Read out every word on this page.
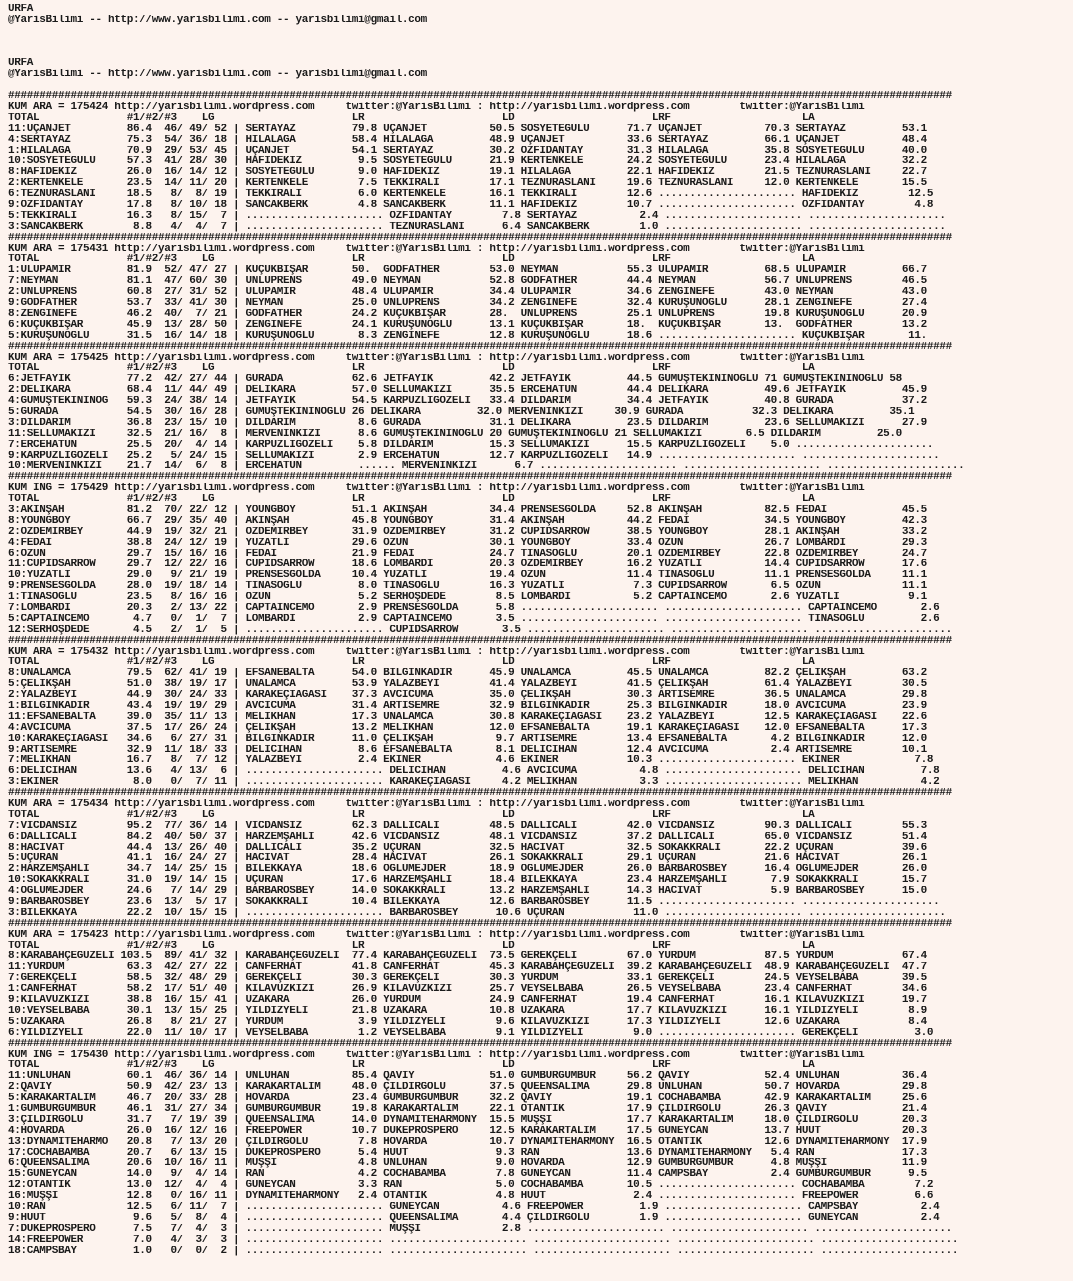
URFA
@YarisBilimi -- http://www.yarisbilimi.com -- yarisbilimi@gmail.com

URFA
@YarisBilimi -- http://www.yarisbilimi.com -- yarisbilimi@gmail.com

#######################################################################################################################################################
KUM ARA = 175424 http://yarisbilimi.wordpress.com     twitter:@YarisBilimi : http://yarisbilimi.wordpress.com        twitter:@YarisBilimi
TOTAL              #1/#2/#3    LG                      LR                      LD                      LRF                     LA
11:UÇANJET         86.4  46/ 49/ 52 | SERTAYAZ         79.8 UÇANJET          50.5 SOSYETEGÜLÜ      71.7 UÇANJET          70.3 SERTAYAZ         53.1
4:SERTAYAZ         75.3  54/ 36/ 18 | HILALAGA         58.4 HILALAGA         48.9 UÇANJET          33.6 SERTAYAZ         66.1 UÇANJET          48.4
1:HILALAGA         70.9  29/ 53/ 45 | UÇANJET          54.1 SERTAYAZ         30.2 ÖZFİDANTAY       31.3 HILALAGA         35.8 SOSYETEGÜLÜ      40.0
10:SOSYETEGÜLÜ     57.3  41/ 28/ 30 | HAFİDEKIZ         9.5 SOSYETEGÜLÜ      21.9 KERTENKELE       24.2 SOSYETEGÜLÜ      23.4 HILALAGA         32.2
8:HAFİDEKIZ        26.0  16/ 14/ 12 | SOSYETEGÜLÜ       9.0 HAFİDEKIZ        19.1 HILALAGA         22.1 HAFİDEKIZ        21.5 TEZNURASLANI     22.7
2:KERTENKELE       23.5  14/ 11/ 20 | KERTENKELE        7.5 TEKKIRALI        17.1 TEZNURASLANI     19.6 TEZNURASLANI     12.0 KERTENKELE       15.5
6:TEZNURASLANI     18.5   8/  8/ 19 | TEKKIRALI         6.0 KERTENKELE       16.1 TEKKIRALI        12.6 ...................... HAFİDEKIZ        12.5
9:ÖZFİDANTAY       17.8   8/ 10/ 18 | SANCAKBERK        4.8 SANCAKBERK       11.1 HAFİDEKIZ        10.7 ...................... ÖZFİDANTAY        4.8
5:TEKKIRALI        16.3   8/ 15/  7 | ...................... ÖZFİDANTAY        7.8 SERTAYAZ          2.4 ...................... ......................
3:SANCAKBERK        8.8   4/  4/  7 | ...................... TEZNURASLANI      6.4 SANCAKBERK        1.0 ...................... ......................
#######################################################################################################################################################
KUM ARA = 175431 http://yarisbilimi.wordpress.com     twitter:@YarisBilimi : http://yarisbilimi.wordpress.com        twitter:@YarisBilimi
TOTAL              #1/#2/#3    LG                      LR                      LD                      LRF                     LA
1:ULUPAMİR         81.9  52/ 47/ 27 | KUÇUKBİŞAR       50.  GODFATHER        53.0 NEYMAN           55.3 ULUPAMİR         68.5 ULUPAMİR         66.7
7:NEYMAN           81.1  47/ 60/ 30 | ÜNLÜPRENS        49.0 NEYMAN           52.8 GODFATHER        44.4 NEYMAN           56.7 ÜNLÜPRENS        46.5
2:ÜNLÜPRENS        60.8  27/ 31/ 52 | ULUPAMİR         48.4 ULUPAMİR         34.4 ULUPAMİR         34.6 ZENGİNEFE        43.0 NEYMAN           43.0
9:GODFATHER        53.7  33/ 41/ 30 | NEYMAN           25.0 ÜNLÜPRENS        34.2 ZENGİNEFE        32.4 KURUŞUNOĞLU      28.1 ZENGİNEFE        27.4
8:ZENGİNEFE        46.2  40/  7/ 21 | GODFATHER        24.2 KUÇUKBİŞAR       28.  ÜNLÜPRENS        25.1 ÜNLÜPRENS        19.8 KURUŞUNOĞLU      20.9
6:KUÇUKBİŞAR       45.9  13/ 28/ 50 | ZENGİNEFE        24.1 KURUŞUNOĞLU      13.1 KUÇUKBİŞAR       18.  KUÇUKBİŞAR       13.  GODFATHER        13.2
5:KURUŞUNOĞLU      31.5  16/ 14/ 18 | KURUŞUNOĞLU       8.3 ZENGİNEFE        12.8 KURUŞUNOĞLU      18.6 ...................... KUÇUKBİŞAR       11.
#######################################################################################################################################################
KUM ARA = 175425 http://yarisbilimi.wordpress.com     twitter:@YarisBilimi : http://yarisbilimi.wordpress.com        twitter:@YarisBilimi
TOTAL              #1/#2/#3    LG                      LR                      LD                      LRF                     LA
6:JETFAYİK         77.2  42/ 27/ 44 | GURADA           62.6 JETFAYİK         42.2 JETFAYİK         44.5 GÜMÜŞTEKİNİNOĞLU 71 GÜMÜŞTEKİNİNOĞLU 58
2:DELİKARA         68.4  11/ 44/ 49 | DELİKARA         57.0 SELLUMAKIZI      35.5 ERCEHATUN        44.4 DELİKARA         49.6 JETFAYİK         45.9
4:GÜMÜŞTEKİNİNOĞ   59.3  24/ 38/ 14 | JETFAYİK         54.5 KARPUZLIGÖZELİ   33.4 DİLDARIM         34.4 JETFAYİK         40.8 GURADA           37.2
5:GURADA           54.5  30/ 16/ 28 | GÜMÜŞTEKİNİNOĞLU 26 DELİKARA         32.0 MERVENİNKIZI     30.9 GURADA           32.3 DELİKARA         35.1
3:DİLDARIM         36.8  23/ 15/ 10 | DİLDARIM          8.6 GURADA           31.1 DELİKARA         23.5 DİLDARIM         23.6 SELLUMAKIZI      27.9
11:SELLUMAKIZI     32.5  21/ 16/  8 | MERVENİNKIZI      8.6 GÜMÜŞTEKİNİNOĞLU 20 GÜMÜŞTEKİNİNOĞLU 21 SELLUMAKIZI       6.5 DİLDARIM         25.0
7:ERCEHATUN        25.5  20/  4/ 14 | KARPUZLIGÖZELİ    5.8 DİLDARIM         15.3 SELLUMAKIZI      15.5 KARPUZLIGÖZELİ    5.0 ......................
9:KARPUZLIGÖZELİ   25.2   5/ 24/ 15 | SELLUMAKIZI       2.9 ERCEHATUN        12.7 KARPUZLIGÖZELİ   14.9 ...................... ......................
10:MERVENİNKIZI    21.7  14/  6/  8 | ERCEHATUN         ...... MERVENİNKIZI      6.7 ...................... ...................... ......................
#######################################################################################################################################################
KUM ING = 175429 http://yarisbilimi.wordpress.com     twitter:@YarisBilimi : http://yarisbilimi.wordpress.com        twitter:@YarisBilimi
TOTAL              #1/#2/#3    LG                      LR                      LD                      LRF                     LA
3:AKINŞAH          81.2  70/ 22/ 12 | YOUNGBOY         51.1 AKINŞAH          34.4 PRENSESGOLDA     52.8 AKINŞAH          82.5 FEDAİ            45.5
8:YOUNGBOY         66.7  29/ 35/ 40 | AKINŞAH          45.8 YOUNGBOY         31.4 AKINŞAH          44.2 FEDAİ            34.5 YOUNGBOY         42.3
2:ÖZDEMİRBEY       44.9  19/ 32/ 21 | ÖZDEMİRBEY       31.9 ÖZDEMİRBEY       31.2 CUPİDSARROW      38.5 YOUNGBOY         28.1 AKINŞAH          33.2
4:FEDAİ            38.8  24/ 12/ 19 | YUZATLI          29.6 ÖZUN             30.1 YOUNGBOY         33.4 ÖZUN             26.7 LOMBARDI         29.3
6:ÖZUN             29.7  15/ 16/ 16 | FEDAİ            21.9 FEDAİ            24.7 TINASOGLU        20.1 ÖZDEMİRBEY       22.8 ÖZDEMİRBEY       24.7
11:CUPİDSARROW     29.7  12/ 22/ 16 | CUPİDSARROW      18.6 LOMBARDI         20.3 ÖZDEMİRBEY       16.2 YUZATLI          14.4 CUPİDSARROW      17.6
10:YUZATLI         29.0   9/ 21/ 19 | PRENSESGOLDA     10.4 YUZATLI          19.4 ÖZUN             11.4 TINASOGLU        11.1 PRENSESGOLDA     11.1
9:PRENSESGOLDA     28.0  19/ 18/ 14 | TINASOGLU         8.0 TINASOGLU        16.3 YUZATLI           7.3 CUPİDSARROW       6.5 ÖZUN             11.1
1:TINASOGLU        23.5   8/ 16/ 16 | ÖZUN              5.2 SERHOŞDEDE        8.5 LOMBARDI          5.2 CAPTAINCEMO       2.6 YUZATLI           9.1
7:LOMBARDI         20.3   2/ 13/ 22 | CAPTAINCEMO       2.9 PRENSESGOLDA      5.8 ...................... ...................... CAPTAINCEMO       2.6
5:CAPTAINCEMO       4.7   0/  1/  7 | LOMBARDI          2.9 CAPTAINCEMO       3.5 ...................... ...................... TINASOGLU         2.6
12:SERHOŞDEDE       4.5   2/  1/  5 | ...................... CUPİDSARROW       3.5 ...................... ...................... ......................
#######################################################################################################################################################
KUM ARA = 175432 http://yarisbilimi.wordpress.com     twitter:@YarisBilimi : http://yarisbilimi.wordpress.com        twitter:@YarisBilimi
TOTAL              #1/#2/#3    LG                      LR                      LD                      LRF                     LA
8:ÜNALAMCA         79.5  62/ 41/ 19 | EFSANEBALTA      54.0 BİLGİNKADİR      45.9 ÜNALAMCA         45.5 ÜNALAMCA         82.2 ÇELİKŞAH         63.2
5:ÇELİKŞAH         51.0  38/ 19/ 17 | ÜNALAMCA         53.9 YALAZBEYİ        41.4 YALAZBEYİ        41.5 ÇELİKŞAH         61.4 YALAZBEYİ        30.5
2:YALAZBEYİ        44.9  30/ 24/ 33 | KARAKEÇİAĞASI    37.3 AVCICUMA         35.0 ÇELİKŞAH         30.3 ARTİSEMRE        36.5 ÜNALAMCA         29.8
1:BİLGİNKADİR      43.4  19/ 19/ 29 | AVCICUMA         31.4 ARTİSEMRE        32.9 BİLGİNKADİR      25.3 BİLGİNKADİR      18.0 AVCICUMA         23.9
11:EFSANEBALTA     39.0  35/ 11/ 13 | MELİKHAN         17.3 ÜNALAMCA         30.8 KARAKEÇİAĞASI    23.2 YALAZBEYİ        12.5 KARAKEÇİAĞASI    22.6
4:AVCICUMA         37.5  17/ 26/ 24 | ÇELİKŞAH         13.2 MELİKHAN         12.0 EFSANEBALTA      19.1 KARAKEÇİAĞASI    12.0 EFSANEBALTA      17.3
10:KARAKEÇİAĞASI   34.6   6/ 27/ 31 | BİLGİNKADİR      11.0 ÇELİKŞAH          9.7 ARTİSEMRE        13.4 EFSANEBALTA       4.2 BİLGİNKADİR      12.0
9:ARTİSEMRE        32.9  11/ 18/ 33 | DELİCİHAN         8.6 EFSANEBALTA       8.1 DELİCİHAN        12.4 AVCICUMA          2.4 ARTİSEMRE        10.1
7:MELİKHAN         16.7   8/  7/ 12 | YALAZBEYİ         2.4 EKİNER            4.6 EKİNER           10.3 ...................... EKİNER            7.8
6:DELİCİHAN        13.6   4/ 13/  6 | ...................... DELİCİHAN         4.6 AVCICUMA          4.8 ...................... DELİCİHAN         7.8
3:EKİNER            8.0   0/  7/ 11 | ...................... KARAKEÇİAĞASI     4.2 MELİKHAN          3.3 ...................... MELİKHAN          4.2
#######################################################################################################################################################
KUM ARA = 175434 http://yarisbilimi.wordpress.com     twitter:@YarisBilimi : http://yarisbilimi.wordpress.com        twitter:@YarisBilimi
TOTAL              #1/#2/#3    LG                      LR                      LD                      LRF                     LA
7:VİCDANSIZ        95.2  77/ 36/ 14 | VİCDANSIZ        62.3 DALLICALI        48.5 DALLICALI        42.0 VİCDANSIZ        90.3 DALLICALI        55.3
6:DALLICALI        84.2  40/ 50/ 37 | HARZEMŞAHLI      42.6 VİCDANSIZ        48.1 VİCDANSIZ        37.2 DALLICALI        65.0 VİCDANSIZ        51.4
8:HACIVAT          44.4  13/ 26/ 40 | DALLICALI        35.2 UÇURAN           32.5 HACIVAT          32.5 SOKAKKRALI       22.2 UÇURAN           39.6
5:UÇURAN           41.1  16/ 24/ 27 | HACIVAT          28.4 HACIVAT          26.1 SOKAKKRALI       29.1 UÇURAN           21.6 HACIVAT          26.1
2:HARZEMŞAHLI      34.7  14/ 25/ 15 | BİLEKKAYA        18.6 OĞLUMEJDER       18.9 OĞLUMEJDER       26.0 BARBAROSBEY      16.4 OĞLUMEJDER       26.0
10:SOKAKKRALI      31.0  19/ 14/ 15 | UÇURAN           17.6 HARZEMŞAHLI      18.4 BİLEKKAYA        23.4 HARZEMŞAHLI       7.9 SOKAKKRALI       15.7
4:OĞLUMEJDER       24.6   7/ 14/ 29 | BARBAROSBEY      14.0 SOKAKKRALI       13.2 HARZEMŞAHLI      14.3 HACIVAT           5.9 BARBAROSBEY      15.0
9:BARBAROSBEY      23.6  13/  5/ 17 | SOKAKKRALI       10.4 BİLEKKAYA        12.6 BARBAROSBEY      11.5 ...................... ......................
3:BİLEKKAYA        22.2  10/ 15/ 15 | ...................... BARBAROSBEY      10.6 UÇURAN           11.0 ...................... ......................
#######################################################################################################################################################
KUM ARA = 175423 http://yarisbilimi.wordpress.com     twitter:@YarisBilimi : http://yarisbilimi.wordpress.com        twitter:@YarisBilimi
TOTAL              #1/#2/#3    LG                      LR                      LD                      LRF                     LA
8:KARABAHÇEGÜZELİ 103.5  89/ 41/ 32 | KARABAHÇEGÜZELİ  77.4 KARABAHÇEGÜZELİ  73.5 GEREKÇELİ        67.0 YURDUM           87.5 YURDUM           67.4
11:YURDUM          63.3  42/ 27/ 22 | CANFERHAT        41.8 CANFERHAT        45.3 KARABAHÇEGÜZELİ  39.2 KARABAHÇEGÜZELİ  48.9 KARABAHÇEGÜZELİ  47.7
7:GEREKÇELİ        58.5  32/ 48/ 29 | GEREKÇELİ        30.3 GEREKÇELİ        30.3 YURDUM           33.1 GEREKÇELİ        24.5 VEYSELBABA       39.5
1:CANFERHAT        58.2  17/ 51/ 40 | KILAVUZKIZI      26.9 KILAVUZKIZI      25.7 VEYSELBABA       26.5 VEYSELBABA       23.4 CANFERHAT        34.6
9:KILAVUZKIZI      38.8  16/ 15/ 41 | UZAKARA          26.0 YURDUM           24.9 CANFERHAT        19.4 CANFERHAT        16.1 KILAVUZKIZI      19.7
10:VEYSELBABA      30.1  13/ 15/ 25 | YILDIZYELİ       21.8 UZAKARA          10.8 UZAKARA          17.7 KILAVUZKIZI      16.1 YILDIZYELİ        8.9
5:UZAKARA          26.8   8/ 21/ 27 | YURDUM            3.9 YILDIZYELİ        9.6 KILAVUZKIZI      17.3 YILDIZYELİ       12.6 UZAKARA           8.4
6:YILDIZYELİ       22.0  11/ 10/ 17 | VEYSELBABA        1.2 VEYSELBABA        9.1 YILDIZYELİ        9.0 ...................... GEREKÇELİ         3.0
#######################################################################################################################################################
KUM ING = 175430 http://yarisbilimi.wordpress.com     twitter:@YarisBilimi : http://yarisbilimi.wordpress.com        twitter:@YarisBilimi
TOTAL              #1/#2/#3    LG                      LR                      LD                      LRF                     LA
11:ÜNLÜHAN         60.1  46/ 36/ 14 | ÜNLÜHAN          85.4 QAVIY            51.0 GÜMBÜRGÜMBÜR     56.2 QAVIY            52.4 ÜNLÜHAN          36.4
2:QAVIY            50.9  42/ 23/ 13 | KARAKARTALIM     48.0 ÇILDIRGÖLÜ       37.5 QUEENSALIMA      29.8 ÜNLÜHAN          50.7 HOVARDA          29.8
5:KARAKARTALIM     46.7  20/ 33/ 28 | HOVARDA          23.4 GÜMBÜRGÜMBÜR     32.2 QAVIY            19.1 COCHABAMBA       42.9 KARAKARTALIM     25.6
1:GÜMBÜRGÜMBÜR     46.1  31/ 27/ 34 | GÜMBÜRGÜMBÜR     19.8 KARAKARTALIM     22.1 OTANTİK          17.9 ÇILDIRGÖLÜ       26.3 QAVIY            21.4
3:ÇILDIRGÖLÜ       31.7   7/ 19/ 39 | QUEENSALIMA      14.0 DYNAMITEHARMONY  15.5 MUŞŞI            17.7 KARAKARTALIM     18.0 ÇILDIRGÖLÜ       20.3
4:HOVARDA          26.0  16/ 12/ 16 | FREEPOWER        10.7 DUKEPROSPERO     12.5 KARAKARTALIM     17.5 GÜNEYCAN         13.7 HUUT             20.3
13:DYNAMITEHARMO   20.8   7/ 13/ 20 | ÇILDIRGÖLÜ        7.8 HOVARDA          10.7 DYNAMITEHARMONY  16.5 OTANTİK          12.6 DYNAMITEHARMONY  17.9
17:COCHABAMBA      20.7   6/ 13/ 15 | DUKEPROSPERO      5.4 HUUT              9.3 RAN              13.6 DYNAMITEHARMONY   5.4 RAN              17.3
6:QUEENSALIMA      20.6  10/ 16/ 11 | MUŞŞI             4.8 ÜNLÜHAN           9.0 HOVARDA          12.9 GÜMBÜRGÜMBÜR      4.8 MUŞŞI            11.9
15:GÜNEYCAN        14.0   9/  4/ 14 | RAN               4.2 COCHABAMBA        7.8 GÜNEYCAN         11.4 CAMPSBAY          2.4 GÜMBÜRGÜMBÜR      9.5
12:OTANTİK         13.0  12/  4/  4 | GÜNEYCAN          3.3 RAN               5.0 COCHABAMBA       10.5 ...................... COCHABAMBA        7.2
16:MUŞŞI           12.8   0/ 16/ 11 | DYNAMITEHARMONY   2.4 OTANTİK           4.8 HUUT              2.4 ...................... FREEPOWER         6.6
10:RAN             12.5   6/ 11/  7 | ...................... GÜNEYCAN          4.6 FREEPOWER         1.9 ...................... CAMPSBAY          2.4
9:HUUT              9.6   5/  8/  4 | ...................... QUEENSALIMA       4.4 ÇILDIRGÖLÜ        1.9 ...................... GÜNEYCAN          2.4
7:DUKEPROSPERO      7.5   7/  4/  3 | ...................... MUŞŞI             2.8 ...................... ...................... ......................
14:FREEPOWER        7.0   4/  3/  3 | ...................... ...................... ...................... ...................... ......................
18:CAMPSBAY         1.0   0/  0/  2 | ...................... ...................... ...................... ...................... ......................
